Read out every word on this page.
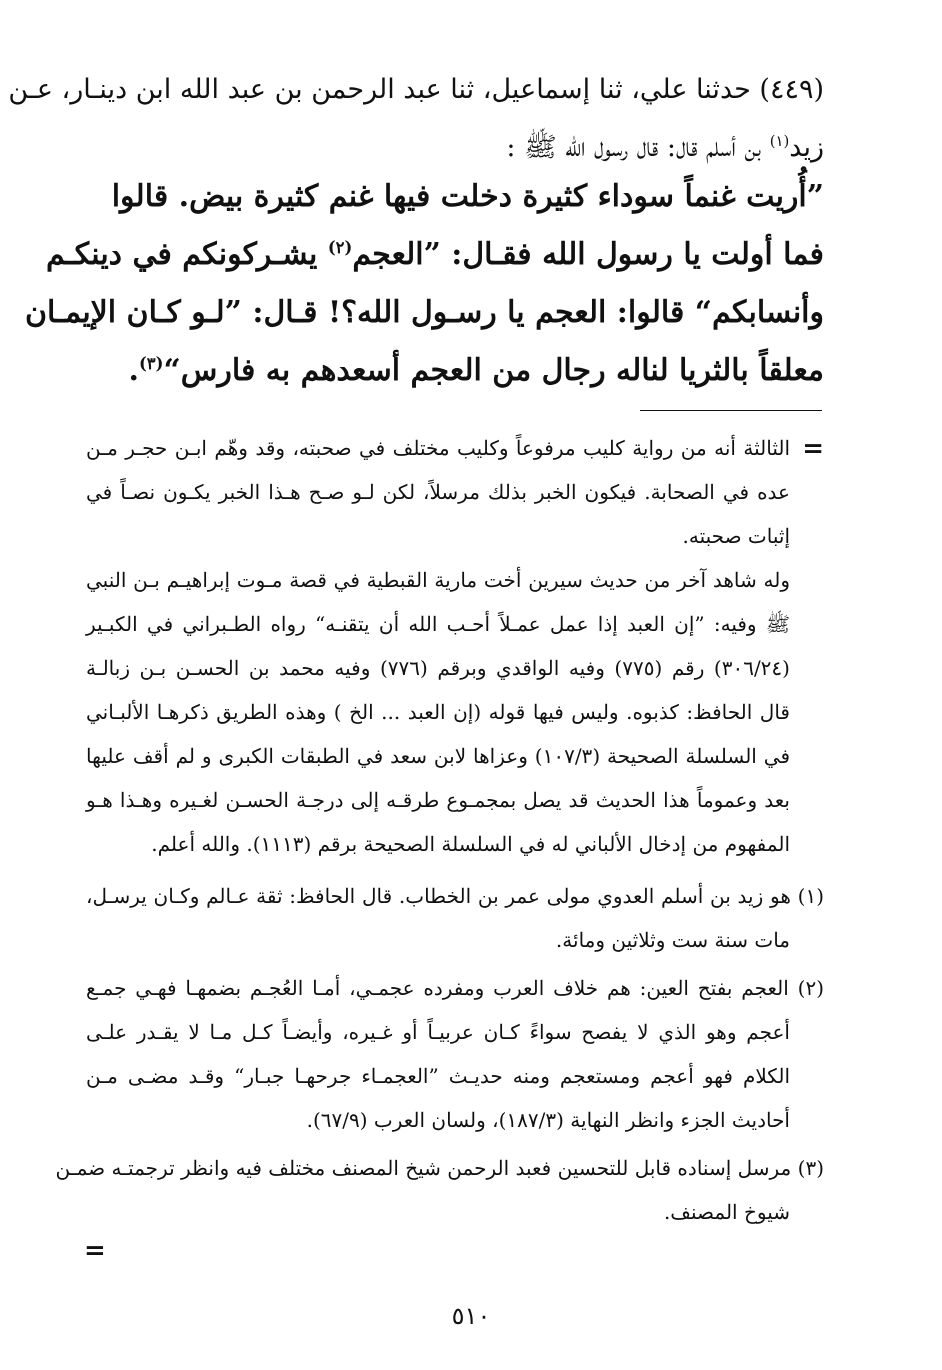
(٤٤٩) حدثنا علي، ثنا إسماعيل، ثنا عبد الرحمن بن عبد الله ابن دينـار، عـن
زيد$^{(١)}$ بن أسلم قال: قال رسول الله ﷺ :
”أُريت غنماً سوداء كثيرة دخلت فيها غنم كثيرة بيض. قالوا
فما أولت يا رسول الله فقـال: ”العجم$^{(٢)}$ يشـركونكم في دينكـم
وأنسابكم“ قالوا: العجم يا رسـول الله؟! قـال: ”لـو كـان الإيمـان
معلقاً بالثريا لناله رجال من العجم أسعدهم به فارس“$^{(٣)}$.
=
الثالثة أنه من رواية كليب مرفوعاً وكليب مختلف في صحبته، وقد وهّم ابـن حجـر مـن
عده في الصحابة. فيكون الخبر بذلك مرسلاً، لكن لـو صـح هـذا الخبر يكـون نصـاً في
إثبات صحبته.
وله شاهد آخر من حديث سيرين أخت مارية القبطية في قصة مـوت إبراهيـم بـن النبي
ﷺ وفيه: ”إن العبد إذا عمل عمـلاً أحـب الله أن يتقنـه“ رواه الطـبراني في الكبـير
(٣٠٦/٢٤) رقم (٧٧٥) وفيه الواقدي وبرقم (٧٧٦) وفيه محمد بن الحسـن بـن زبالـة
قال الحافظ: كذبوه. وليس فيها قوله (إن العبد ... الخ ) وهذه الطريق ذكرهـا الألبـاني
في السلسلة الصحيحة (١٠٧/٣) وعزاها لابن سعد في الطبقات الكبرى و لم أقف عليها
بعد وعموماً هذا الحديث قد يصل بمجمـوع طرقـه إلى درجـة الحسـن لغـيره وهـذا هـو
المفهوم من إدخال الألباني له في السلسلة الصحيحة برقم (١١١٣). والله أعلم.
(١) هو زيد بن أسلم العدوي مولى عمر بن الخطاب. قال الحافظ: ثقة عـالم وكـان يرسـل،
مات سنة ست وثلاثين ومائة.
(٢) العجم بفتح العين: هم خلاف العرب ومفرده عجمـي، أمـا العُجـم بضمهـا فهـي جمـع
أعجم وهو الذي لا يفصح سواءً كـان عربيـاً أو غـيره، وأيضـاً كـل مـا لا يقـدر علـى
الكلام فهو أعجم ومستعجم ومنه حديـث ”العجمـاء جرحهـا جبـار“ وقـد مضـى مـن
أحاديث الجزء وانظر النهاية (١٨٧/٣)، ولسان العرب (٦٧/٩).
(٣) مرسل إسناده قابل للتحسين فعبد الرحمن شيخ المصنف مختلف فيه وانظر ترجمتـه ضمـن
شيوخ المصنف.
=
٥١٠
